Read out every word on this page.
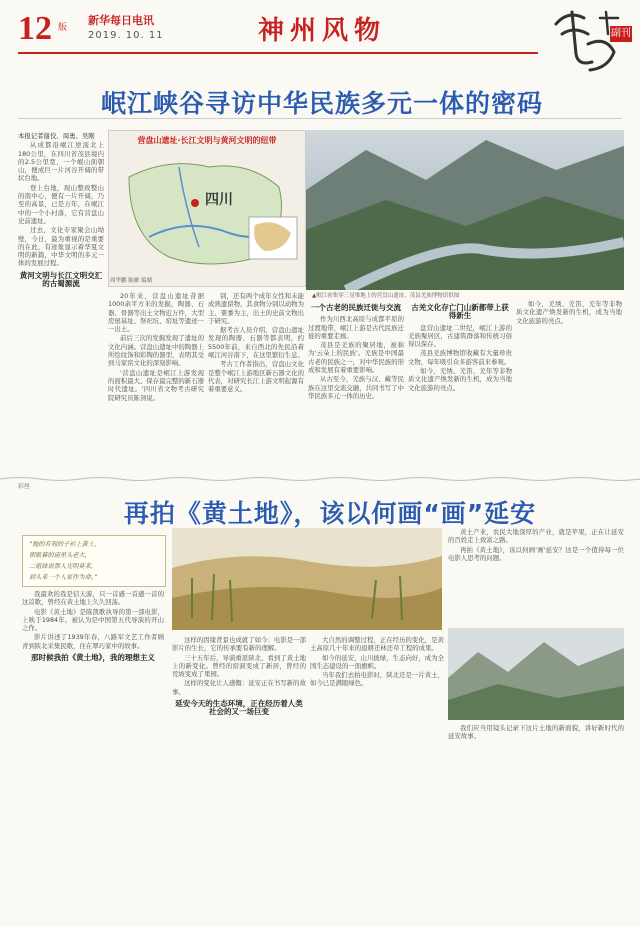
12 版
新华每日电讯
2019. 10. 11	神州风物	副刊
岷江峡谷寻访中华民族多元一体的密码

本报记者谢佼、周勇、吴刚

从成都沿岷江逆流北上180公里，在四川省茂县境内的2.5公里宽，一个岷山面朝山，便成巨一片河谷开阔的带状台地。

登上台地，现山整致整山的南中心，便有一片开阔，乃至的高景，已是万年，在岷江中的一个小村落，它有营盘山史前遗址。

过去，文化专家聚会山坳壁，今日，最为重视的是重要的在此，有迹象显示着华夏文明的新篇，中华文明的多元一体的发展过程。

黄河文明与长江文明交汇的古蜀源流
营盘山遗址·长江文明与黄河文明的纽带
四川
周华鹏 陈雁 编制
▲岷江密集穿三星堆地上的营盘山遗址，茂县羌族博物馆供图

20年来，营盘山遗址昔据1000余平方米的发掘，陶器、石器、骨器等出土文物近万件，大型房屋基址、祭祀坑、窑址等遗迹一一出土。

前后三次的发掘发现了遗址的文化内涵。营盘山遗址中的陶器上所绘纹饰和彩陶的器型，表明其受到马家窑文化的深刻影响。

'营盘山遗址是岷江上游发现的面积最大、保存最完整的新石器时代遗址。'四川省文物考古研究院研究员陈剑说。

别，还有两个成年女性和未能成熟遗留物，其食物分别以动物为主、粟黍为主，出土的史前文物出于研究。

据考古人员介绍，营盘山遗址发现的陶器、石器等都表明，约5500年前，来自西北的先民沿着岷江河谷南下，在这里繁衍生息。

考古工作者指出，营盘山文化是整个岷江上游地区新石器文化的代表，对研究长江上游文明起源有着重要意义。

一个古老的民族迁徙与交流

作为川西北高原与成都平原的过渡地带，岷江上游是古代民族迁徙的重要走廊。

茂县是羌族的聚居地，被称为'云朵上的民族'。羌族是中国最古老的民族之一，对中华民族的形成和发展有着重要影响。

从古至今，羌族与汉、藏等民族在这里交流交融，共同书写了中华民族多元一体的历史。

古羌文化存亡门山新都带上获得新生

盘营山遗址二世纪，岷江上游的羌族聚居区，古建筑群落和传统习俗得以保存。

茂县羌族博物馆收藏有大量珍贵文物，每年吸引众多游客前来参观。

如今，羌绣、羌笛、羌年等非物质文化遗产焕发新的生机，成为当地文化旅游的亮点。

如今，羌绣、羌笛、羌年等非物质文化遗产焕发新的生机，成为当地文化旅游的亮点。

彩丝
再拍《黄土地》，该以何画“画”延安
“抛的有刻的子衫上黄土，
朝歌暮的庙里头老大，
二姐妹说那人光明莫来，
到头来一个人家作为命。”

我最欢的我是信天游，只一首感一首感一首的这首歌，曾经在黄土地上久久回荡。

电影《黄土地》是陈凯歌执导的第一部电影，上映于1984年，被认为是中国第五代导演的开山之作。

影片讲述了1939年春，八路军文艺工作者顾青到陕北采集民歌，住在翠巧家中的故事。

那时候我拍《黄土地》，我的理想主义

这样的因缘背景也成就了如今：电影是一部影片的生长，它的传承要有新的理解。

三十五年后，导演重返陕北，看到了黄土地上的新变化。曾经的窑洞变成了新居，曾经的荒坡变成了果园。

这样的变化让人感慨：延安正在书写新的故事。

延安今天的生态环境，正在经历着人类社会的又一场巨变

大自然的调整过程，正在经历的变化，是黄土高原几十年来的退耕还林还草工程的成果。

如今的延安，山川披绿，生态向好，成为全国生态建设的一面旗帜。

当年我们去拍电影时，陕北还是一片黄土，如今已是满眼绿色。

黄土产业，农民大地深厚的产业，就是苹果，正在让延安的百姓走上致富之路。

再拍《黄土地》，该以何画'画'延安？这是一个值得每一位电影人思考的问题。

我们应当用镜头记录下这片土地的新面貌，讲好新时代的延安故事。
